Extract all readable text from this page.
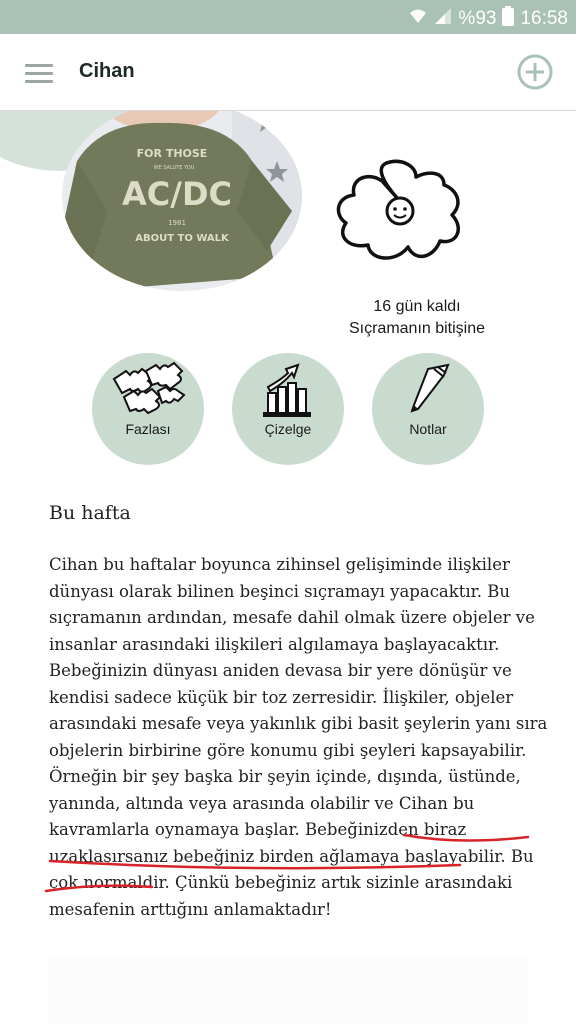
%93 16:58
Cihan
FOR THOSE
WE SALUTE YOU
AC/DC
1981
ABOUT TO WALK
16 gün kaldı
Sıçramanın bitişine
Fazlası	Çizelge	Notlar
Bu hafta
Cihan bu haftalar boyunca zihinsel gelişiminde ilişkiler dünyası olarak bilinen beşinci sıçramayı yapacaktır. Bu sıçramanın ardından, mesafe dahil olmak üzere objeler ve insanlar arasındaki ilişkileri algılamaya başlayacaktır. Bebeğinizin dünyası aniden devasa bir yere dönüşür ve kendisi sadece küçük bir toz zerresidir. İlişkiler, objeler arasındaki mesafe veya yakınlık gibi basit şeylerin yanı sıra objelerin birbirine göre konumu gibi şeyleri kapsayabilir. Örneğin bir şey başka bir şeyin içinde, dışında, üstünde, yanında, altında veya arasında olabilir ve Cihan bu kavramlarla oynamaya başlar. Bebeğinizden biraz uzaklaşırsanız bebeğiniz birden ağlamaya başlayabilir. Bu çok normaldir. Çünkü bebeğiniz artık sizinle arasındaki mesafenin arttığını anlamaktadır!
